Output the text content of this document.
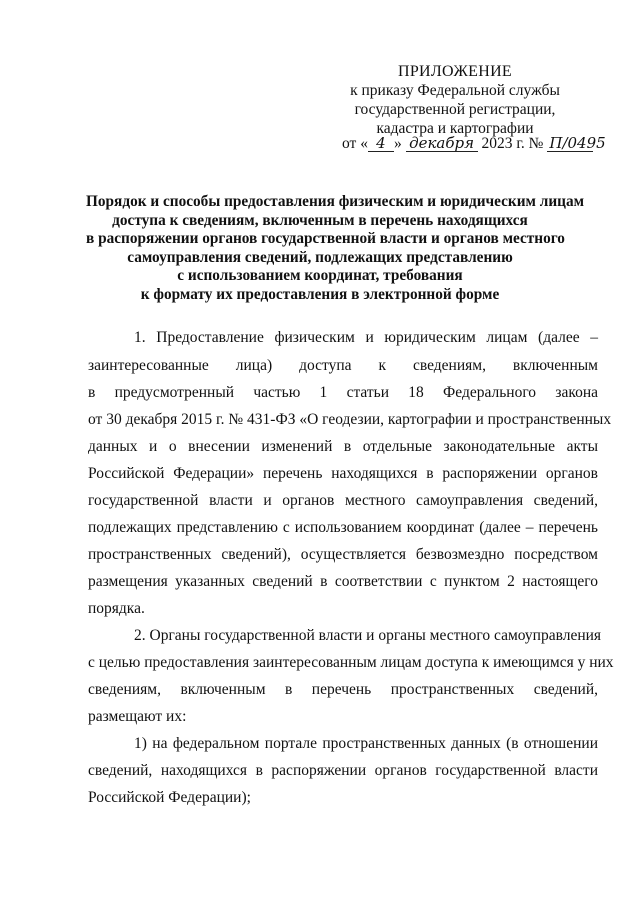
ПРИЛОЖЕНИЕ
к приказу Федеральной службы
государственной регистрации,
кадастра и картографии
от « 4 » декабря 2023 г. № П/0495
Порядок и способы предоставления физическим и юридическим лицам
доступа к сведениям, включенным в перечень находящихся
в распоряжении органов государственной власти и органов местного
самоуправления сведений, подлежащих представлению
с использованием координат, требования
к формату их предоставления в электронной форме
1. Предоставление физическим и юридическим лицам (далее –
заинтересованные лица) доступа к сведениям, включенным
в предусмотренный частью 1 статьи 18 Федерального закона
от 30 декабря 2015 г. № 431-ФЗ «О геодезии, картографии и пространственных
данных и о внесении изменений в отдельные законодательные акты
Российской Федерации» перечень находящихся в распоряжении органов
государственной власти и органов местного самоуправления сведений,
подлежащих представлению с использованием координат (далее – перечень
пространственных сведений), осуществляется безвозмездно посредством
размещения указанных сведений в соответствии с пунктом 2 настоящего
порядка.
2. Органы государственной власти и органы местного самоуправления
с целью предоставления заинтересованным лицам доступа к имеющимся у них
сведениям, включенным в перечень пространственных сведений,
размещают их:
1) на федеральном портале пространственных данных (в отношении
сведений, находящихся в распоряжении органов государственной власти
Российской Федерации);
